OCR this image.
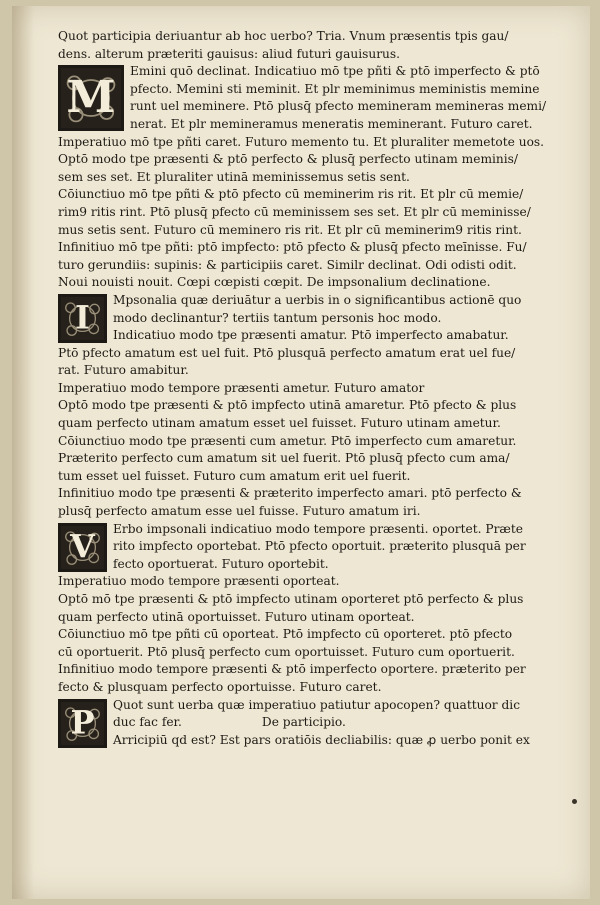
Quot participia deriuantur ab hoc uerbo? Tria. Vnum præsentis tpis gau/
dens. alterum præteriti gauisus: aliud futuri gauisurus.
M Emini quō declinat. Indicatiuo mō tpe pñti & ptō imperfecto & ptō
pfecto. Memini sti meminit. Et plr meminimus meministis memine
runt uel meminere. Ptō plusq̄ pfecto memineram memineras memi/
nerat. Et plr memineramus meneratis meminerant. Futuro caret.
Imperatiuo mō tpe pñti caret. Futuro memento tu. Et pluraliter memetote uos.
Optō modo tpe præsenti & ptō perfecto & plusq̄ perfecto utinam meminis/
sem ses set. Et pluraliter utinā meminissemus setis sent.
Cōiunctiuo mō tpe pñti & ptō pfecto cū meminerim ris rit. Et plr cū memie/
rim9 ritis rint. Ptō plusq̄ pfecto cū meminissem ses set. Et plr cū meminisse/
mus setis sent. Futuro cū meminero ris rit. Et plr cū meminerim9 ritis rint.
Infinitiuo mō tpe pñti: ptō impfecto: ptō pfecto & plusq̄ pfecto meīnisse. Fu/
turo gerundiis: supinis: & participiis caret. Similr declinat. Odi odisti odit.
Noui nouisti nouit. Cœpi cœpisti cœpit. De impsonalium declinatione.
I Mpsonalia quæ deriuātur a uerbis in o significantibus actionē quo
modo declinantur? tertiis tantum personis hoc modo.
Indicatiuo modo tpe præsenti amatur. Ptō imperfecto amabatur.
Ptō pfecto amatum est uel fuit. Ptō plusquā perfecto amatum erat uel fue/
rat. Futuro amabitur.
Imperatiuo modo tempore præsenti ametur. Futuro amator
Optō modo tpe præsenti & ptō impfecto utinā amaretur. Ptō pfecto & plus
quam perfecto utinam amatum esset uel fuisset. Futuro utinam ametur.
Cōiunctiuo modo tpe præsenti cum ametur. Ptō imperfecto cum amaretur.
Præterito perfecto cum amatum sit uel fuerit. Ptō plusq̄ pfecto cum ama/
tum esset uel fuisset. Futuro cum amatum erit uel fuerit.
Infinitiuo modo tpe præsenti & præterito imperfecto amari. ptō perfecto &
plusq̄ perfecto amatum esse uel fuisse. Futuro amatum iri.
V Erbo impsonali indicatiuo modo tempore præsenti. oportet. Præte
rito impfecto oportebat. Ptō pfecto oportuit. præterito plusquā per
fecto oportuerat. Futuro oportebit.
Imperatiuo modo tempore præsenti oporteat.
Optō mō tpe præsenti & ptō impfecto utinam oporteret ptō perfecto & plus
quam perfecto utinā oportuisset. Futuro utinam oporteat.
Cōiunctiuo mō tpe pñti cū oporteat. Ptō impfecto cū oporteret. ptō pfecto
cū oportuerit. Ptō plusq̄ perfecto cum oportuisset. Futuro cum oportuerit.
Infinitiuo modo tempore præsenti & ptō imperfecto oportere. præterito per
fecto & plusquam perfecto oportuisse. Futuro caret.
P Quot sunt uerba quæ imperatiuo patiutur apocopen? quattuor dic
duc fac fer.	De participio.
Arricipiū qd est? Est pars oratiōis decliabilis: quæ ꝓ uerbo ponit ex
